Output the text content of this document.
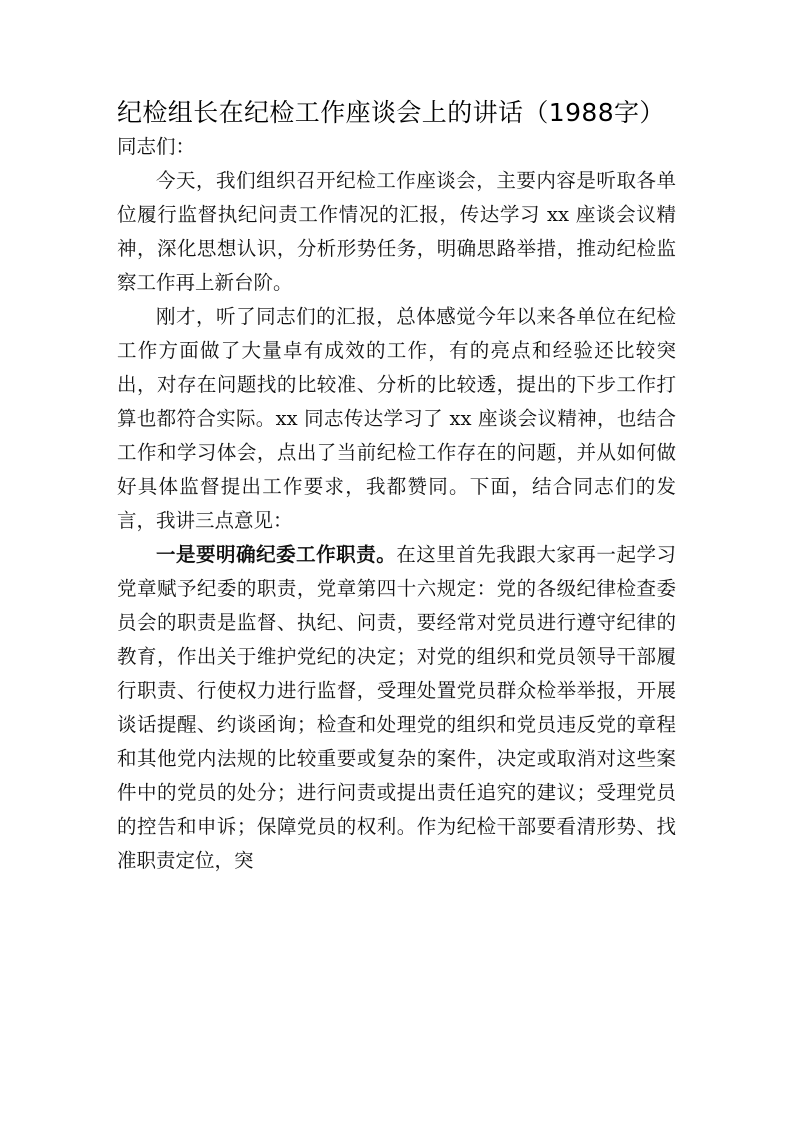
纪检组长在纪检工作座谈会上的讲话（1988字）

同志们：

今天，我们组织召开纪检工作座谈会，主要内容是听取各单位履行监督执纪问责工作情况的汇报，传达学习 xx 座谈会议精神，深化思想认识，分析形势任务，明确思路举措，推动纪检监察工作再上新台阶。

刚才，听了同志们的汇报，总体感觉今年以来各单位在纪检工作方面做了大量卓有成效的工作，有的亮点和经验还比较突出，对存在问题找的比较准、分析的比较透，提出的下步工作打算也都符合实际。xx 同志传达学习了 xx 座谈会议精神，也结合工作和学习体会，点出了当前纪检工作存在的问题，并从如何做好具体监督提出工作要求，我都赞同。下面，结合同志们的发言，我讲三点意见：

一是要明确纪委工作职责。在这里首先我跟大家再一起学习党章赋予纪委的职责，党章第四十六规定：党的各级纪律检查委员会的职责是监督、执纪、问责，要经常对党员进行遵守纪律的教育，作出关于维护党纪的决定；对党的组织和党员领导干部履行职责、行使权力进行监督，受理处置党员群众检举举报，开展谈话提醒、约谈函询；检查和处理党的组织和党员违反党的章程和其他党内法规的比较重要或复杂的案件，决定或取消对这些案件中的党员的处分；进行问责或提出责任追究的建议；受理党员的控告和申诉；保障党员的权利。作为纪检干部要看清形势、找准职责定位，突
